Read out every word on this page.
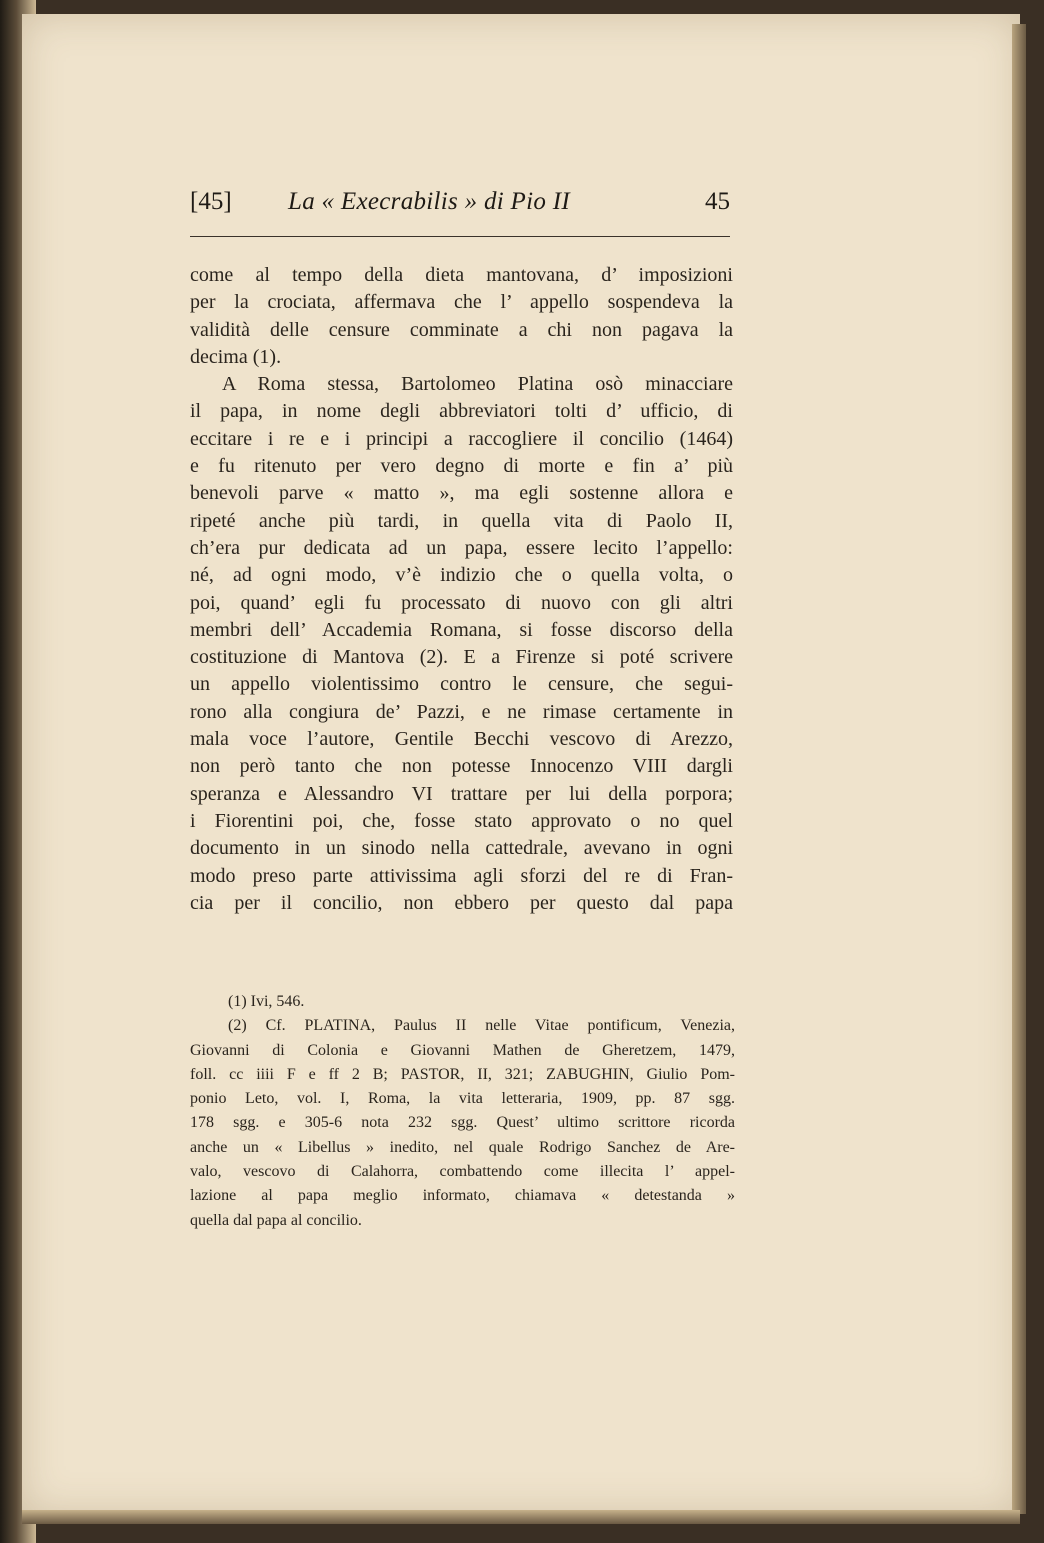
[45] La « Execrabilis » di Pio II	45
come al tempo della dieta mantovana, d’ imposizioni
per la crociata, affermava che l’ appello sospendeva la
validità delle censure comminate a chi non pagava la
decima (1).
A Roma stessa, Bartolomeo Platina osò minacciare
il papa, in nome degli abbreviatori tolti d’ ufficio, di
eccitare i re e i principi a raccogliere il concilio (1464)
e fu ritenuto per vero degno di morte e fin a’ più
benevoli parve « matto », ma egli sostenne allora e
ripeté anche più tardi, in quella vita di Paolo II,
ch’era pur dedicata ad un papa, essere lecito l’appello:
né, ad ogni modo, v’è indizio che o quella volta, o
poi, quand’ egli fu processato di nuovo con gli altri
membri dell’ Accademia Romana, si fosse discorso della
costituzione di Mantova (2). E a Firenze si poté scrivere
un appello violentissimo contro le censure, che segui-
rono alla congiura de’ Pazzi, e ne rimase certamente in
mala voce l’autore, Gentile Becchi vescovo di Arezzo,
non però tanto che non potesse Innocenzo VIII dargli
speranza e Alessandro VI trattare per lui della porpora;
i Fiorentini poi, che, fosse stato approvato o no quel
documento in un sinodo nella cattedrale, avevano in ogni
modo preso parte attivissima agli sforzi del re di Fran-
cia per il concilio, non ebbero per questo dal papa
(1) Ivi, 546.
(2) Cf. PLATINA, Paulus II nelle Vitae pontificum, Venezia,
Giovanni di Colonia e Giovanni Mathen de Gheretzem, 1479,
foll. cc iiii F e ff 2 B; PASTOR, II, 321; ZABUGHIN, Giulio Pom-
ponio Leto, vol. I, Roma, la vita letteraria, 1909, pp. 87 sgg.
178 sgg. e 305-6 nota 232 sgg. Quest’ ultimo scrittore ricorda
anche un « Libellus » inedito, nel quale Rodrigo Sanchez de Are-
valo, vescovo di Calahorra, combattendo come illecita l’ appel-
lazione al papa meglio informato, chiamava « detestanda »
quella dal papa al concilio.
